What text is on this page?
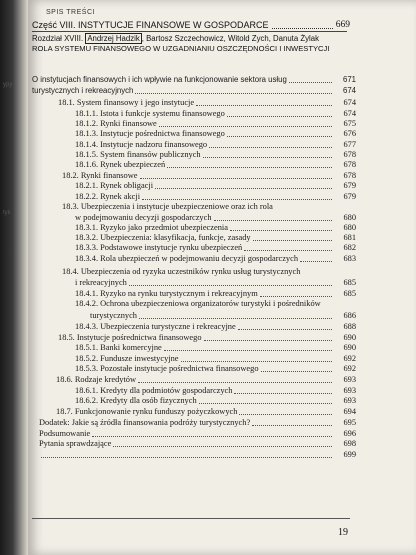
ypy
tyk
SPIS TREŚCI
Część VIII. INSTYTUCJE FINANSOWE W GOSPODARCE	669
Rozdział XVIII. Andrzej Hadzik , Bartosz Szczechowicz, Witold Zych, Danuta Żylak
ROLA SYSTEMU FINANSOWEGO W UZGADNIANIU OSZCZĘDNOŚCI I INWESTYCJI
O instytucjach finansowych i ich wpływie na funkcjonowanie sektora usług	671
turystycznych i rekreacyjnych	674
18.1. System finansowy i jego instytucje	674
18.1.1. Istota i funkcje systemu finansowego	674
18.1.2. Rynki finansowe	675
18.1.3. Instytucje pośrednictwa finansowego	676
18.1.4. Instytucje nadzoru finansowego	677
18.1.5. System finansów publicznych	678
18.1.6. Rynek ubezpieczeń	678
18.2. Rynki finansowe	678
18.2.1. Rynek obligacji	679
18.2.2. Rynek akcji	679
18.3. Ubezpieczenia i instytucje ubezpieczeniowe oraz ich rola
w podejmowaniu decyzji gospodarczych	680
18.3.1. Ryzyko jako przedmiot ubezpieczenia	680
18.3.2. Ubezpieczenia: klasyfikacja, funkcje, zasady	681
18.3.3. Podstawowe instytucje rynku ubezpieczeń	682
18.3.4. Rola ubezpieczeń w podejmowaniu decyzji gospodarczych	683
18.4. Ubezpieczenia od ryzyka uczestników rynku usług turystycznych
i rekreacyjnych	685
18.4.1. Ryzyko na rynku turystycznym i rekreacyjnym	685
18.4.2. Ochrona ubezpieczeniowa organizatorów turystyki i pośredników
turystycznych	686
18.4.3. Ubezpieczenia turystyczne i rekreacyjne	688
18.5. Instytucje pośrednictwa finansowego	690
18.5.1. Banki komercyjne	690
18.5.2. Fundusze inwestycyjne	692
18.5.3. Pozostałe instytucje pośrednictwa finansowego	692
18.6. Rodzaje kredytów	693
18.6.1. Kredyty dla podmiotów gospodarczych	693
18.6.2. Kredyty dla osób fizycznych	693
18.7. Funkcjonowanie rynku funduszy pożyczkowych	694
Dodatek: Jakie są źródła finansowania podróży turystycznych?	695
Podsumowanie	696
Pytania sprawdzające	698
699
19
